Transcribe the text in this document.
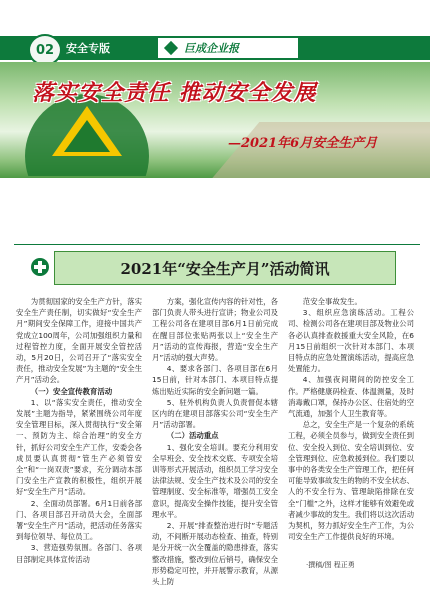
02	安全专版	巨成企业报
落实安全责任 推动安全发展
—2021年6月安全生产月
2021年“安全生产月”活动简讯

为贯彻国家的安全生产方针，落实安全生产责任制，切实做好“安全生产月”期间安全保障工作，迎接中国共产党成立100周年，公司加强组织力量和过程管控力度，全面开展安全管控活动，5月20日，公司召开了“落实安全责任，推动安全发展”为主题的“安全生产月”活动会。

（一）安全宣传教育活动

1、以“落实安全责任，推动安全发展”主题为指导，紧紧围绕公司年度安全管理目标，深入贯彻执行“安全第一、预防为主、综合治理”的安全方针，抓好公司安全生产工作，安委会各成员要认真贯彻“管生产必须管安全”和“一岗双责”要求，充分调动本部门安全生产宣教的积极性，组织开展好“安全生产月”活动。

2、全面动员部署。6月1日前各部门、各项目部召开动员大会，全面部署“安全生产月”活动，把活动任务落实到每位领导、每位员工。

3、营造强势氛围。各部门、各项目部制定具体宣传活动

方案，强化宣传内容的针对性，各部门负责人带头进行宣讲；物业公司及工程公司各在建项目部6月1日前完成在醒目部位张贴两张以上“安全生产月”活动的宣传海报，营造“安全生产月”活动的强大声势。

4、要求各部门、各项目部在6月15日前，针对本部门、本项目特点提炼出贴近实际的安全新问题一篇。

5、驻外机构负责人负责督促本辖区内的在建项目部落实公司“安全生产月”活动部署。

（二）活动重点

1、强化安全培训。要充分利用安全早班会、安全技术交底、专项安全培训等形式开展活动，组织员工学习安全法律法规、安全生产技术及公司的安全管理制度、安全标准等，增强员工安全意识，提高安全操作技能，提升安全管理水平。

2、开展“排查整治进行时”专题活动，不间断开展动态检查、抽查，特别是分开统一次全覆盖的隐患排查，落实整改措施，整改到位后销号，确保安全形势稳定可控，并开展警示教育，从源头上防

范安全事故发生。

3、组织应急演练活动。工程公司、检测公司各在建项目部及物业公司各必认真排查救援重大安全风险，在6月15日前组织一次针对本部门、本项目特点的应急处置演练活动，提高应急处置能力。

4、加强夜间期间的防控安全工作。严格健康码检查、体温测量，及时消毒戴口罩，保持办公区、住宿处的空气流通，加强个人卫生教育等。

总之，安全生产是一个复杂的系统工程，必须全员参与，做到安全责任到位、安全投入到位、安全培训到位、安全管理到位、应急救援到位。我们要以事中的各类安全生产管理工作，把任何可能导致事故发生的物的不安全状态、人的不安全行为、管理缺陷排除在安全“门槛”之外，这样才能够有效避免或者减少事故的发生。我们将以这次活动为契机，努力抓好安全生产工作，为公司安全生产工作提供良好的环境。

·撰稿/图 程正勇
